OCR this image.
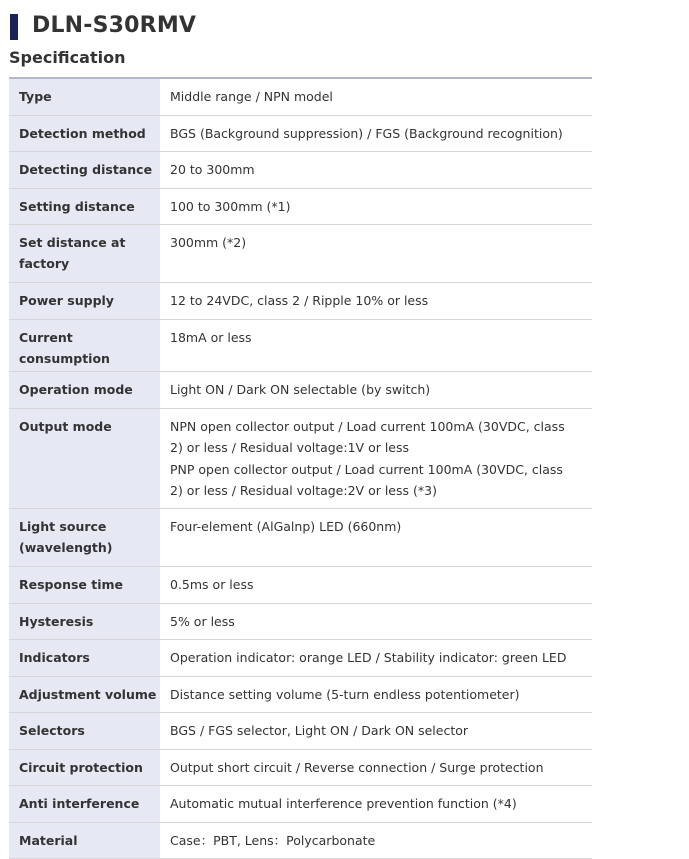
DLN-S30RMV
Specification
Type	Middle range / NPN model

Detection method	BGS (Background suppression) / FGS (Background recognition)

Detecting distance	20 to 300mm

Setting distance	100 to 300mm (*1)

Set distance at factory	300mm (*2)

Power supply	12 to 24VDC, class 2 / Ripple 10% or less

Current consumption	18mA or less

Operation mode	Light ON / Dark ON selectable (by switch)

Output mode	NPN open collector output / Load current 100mA (30VDC, class 2) or less / Residual voltage:1V or less
PNP open collector output / Load current 100mA (30VDC, class 2) or less / Residual voltage:2V or less (*3)

Light source (wavelength)	Four-element (AlGalnp) LED (660nm)

Response time	0.5ms or less

Hysteresis	5% or less

Indicators	Operation indicator: orange LED / Stability indicator: green LED

Adjustment volume	Distance setting volume (5-turn endless potentiometer)

Selectors	BGS / FGS selector, Light ON / Dark ON selector

Circuit protection	Output short circuit / Reverse connection / Surge protection

Anti interference	Automatic mutual interference prevention function (*4)

Material	Case：PBT, Lens：Polycarbonate
